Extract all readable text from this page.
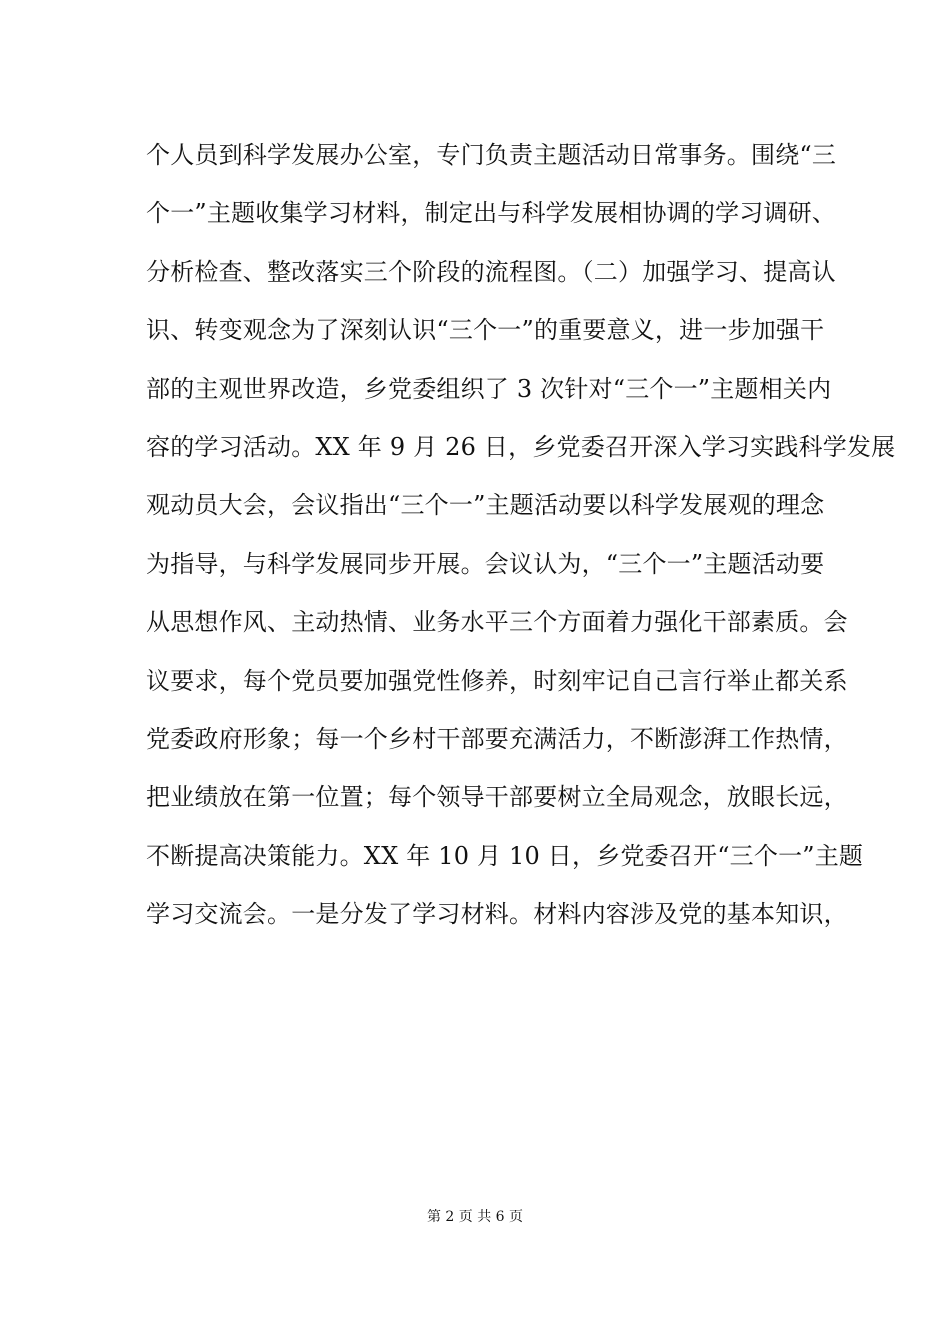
个人员到科学发展办公室，专门负责主题活动日常事务。围绕“三
个一”主题收集学习材料，制定出与科学发展相协调的学习调研、
分析检查、整改落实三个阶段的流程图。（二）加强学习、提高认
识、转变观念为了深刻认识“三个一”的重要意义，进一步加强干
部的主观世界改造，乡党委组织了 3 次针对“三个一”主题相关内
容的学习活动。XX 年 9 月 26 日，乡党委召开深入学习实践科学发展
观动员大会，会议指出“三个一”主题活动要以科学发展观的理念
为指导，与科学发展同步开展。会议认为，“三个一”主题活动要
从思想作风、主动热情、业务水平三个方面着力强化干部素质。会
议要求，每个党员要加强党性修养，时刻牢记自己言行举止都关系
党委政府形象；每一个乡村干部要充满活力，不断澎湃工作热情，
把业绩放在第一位置；每个领导干部要树立全局观念，放眼长远，
不断提高决策能力。XX 年 10 月 10 日，乡党委召开“三个一”主题
学习交流会。一是分发了学习材料。材料内容涉及党的基本知识，
第 2 页 共 6 页
